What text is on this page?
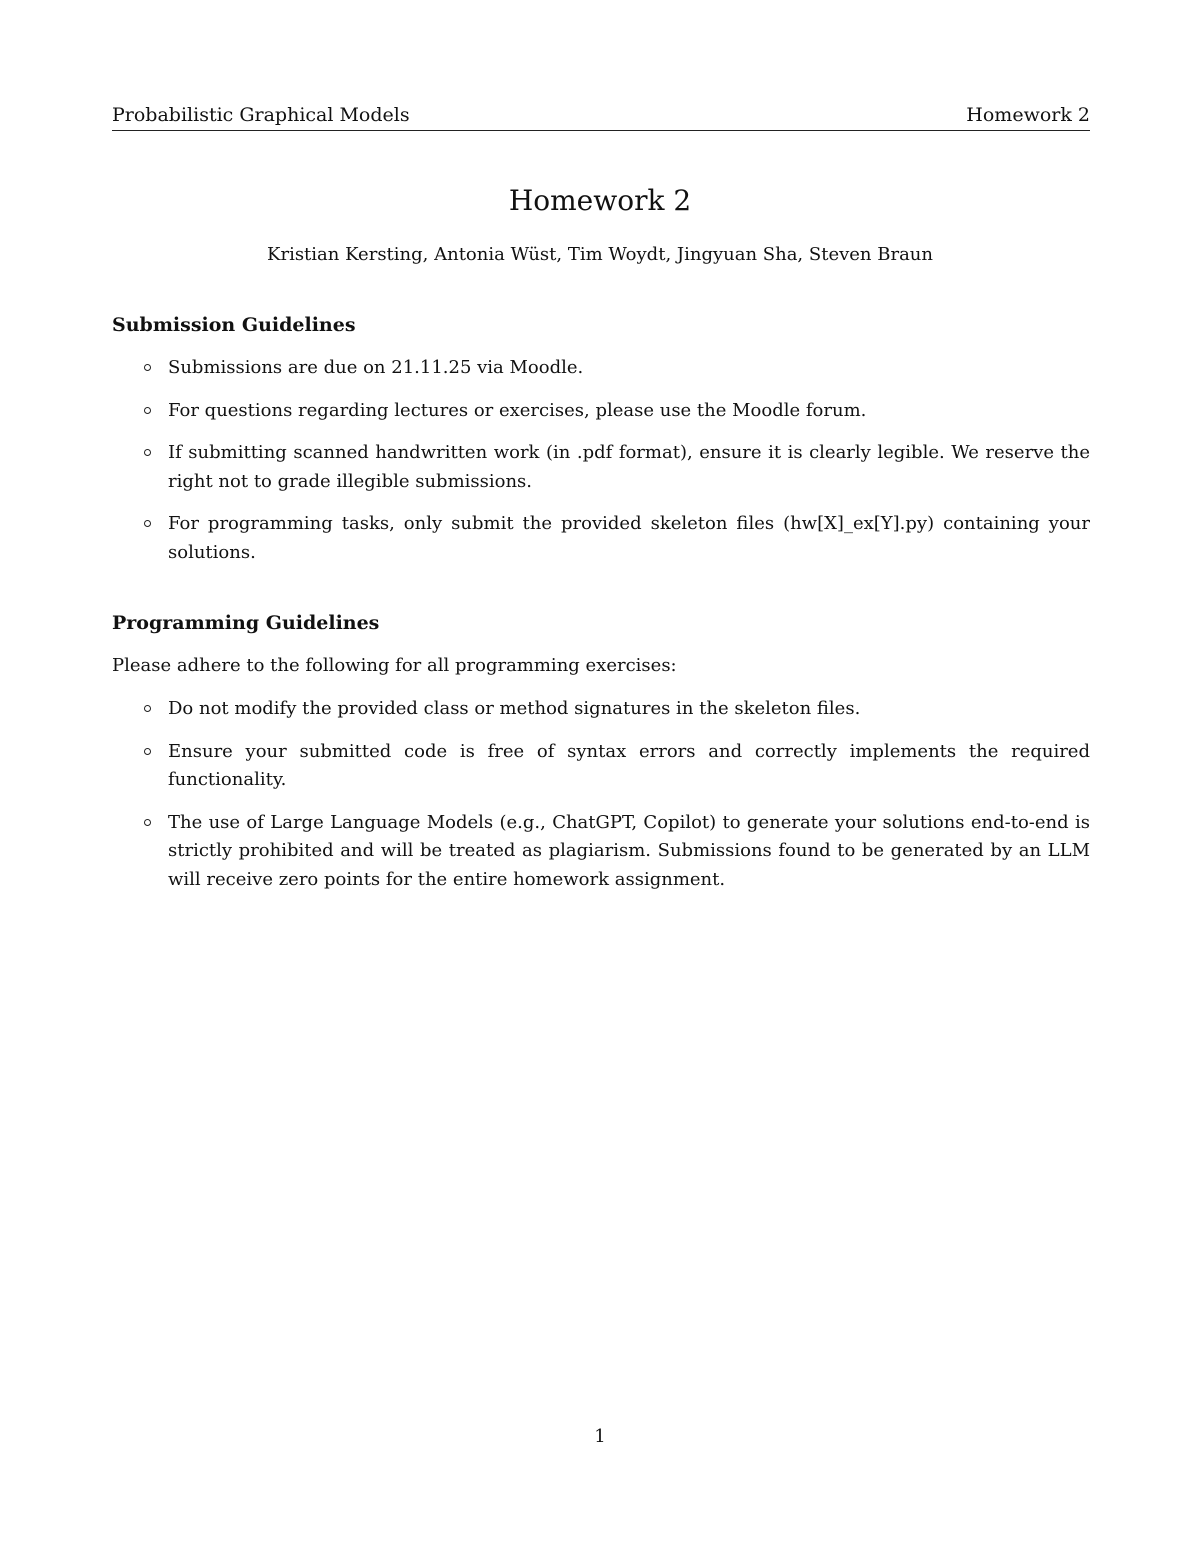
Probabilistic Graphical Models	Homework 2
Homework 2
Kristian Kersting, Antonia Wüst, Tim Woydt, Jingyuan Sha, Steven Braun
Submission Guidelines
Submissions are due on 21.11.25 via Moodle.
For questions regarding lectures or exercises, please use the Moodle forum.
If submitting scanned handwritten work (in .pdf format), ensure it is clearly legible. We reserve the right not to grade illegible submissions.
For programming tasks, only submit the provided skeleton files (hw[X]_ex[Y].py) containing your solutions.
Programming Guidelines
Please adhere to the following for all programming exercises:
Do not modify the provided class or method signatures in the skeleton files.
Ensure your submitted code is free of syntax errors and correctly implements the required functionality.
The use of Large Language Models (e.g., ChatGPT, Copilot) to generate your solutions end-to-end is strictly prohibited and will be treated as plagiarism. Submissions found to be generated by an LLM will receive zero points for the entire homework assignment.
1
